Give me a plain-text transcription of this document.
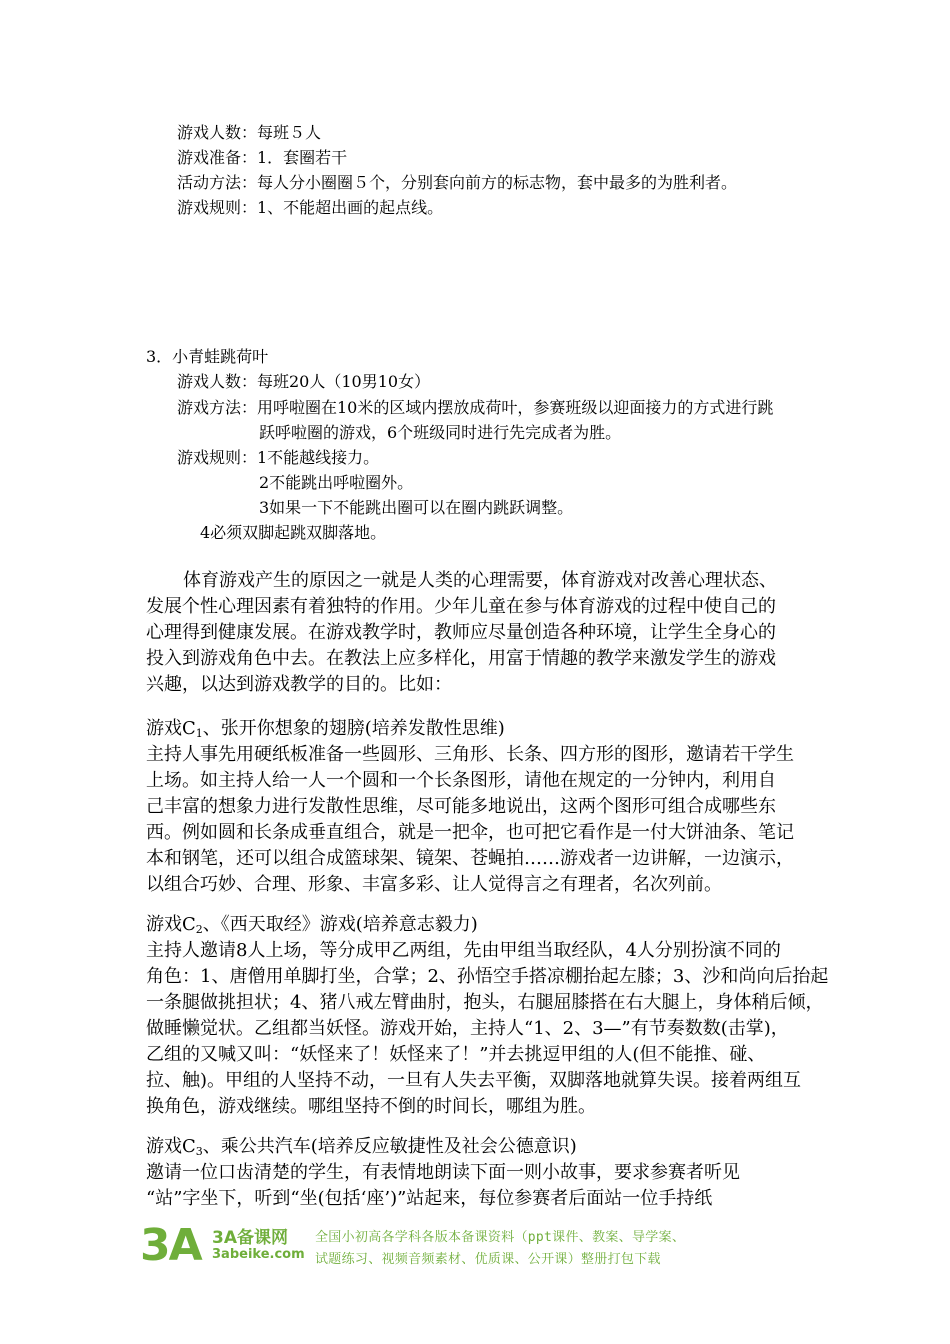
游戏人数：每班５人
游戏准备：1．套圈若干
活动方法：每人分小圈圈５个，分别套向前方的标志物，套中最多的为胜利者。
游戏规则：1、不能超出画的起点线。
3．小青蛙跳荷叶
游戏人数：每班20人（10男10女）
游戏方法：用呼啦圈在10米的区域内摆放成荷叶，参赛班级以迎面接力的方式进行跳
跃呼啦圈的游戏，6个班级同时进行先完成者为胜。
游戏规则：1不能越线接力。
2不能跳出呼啦圈外。
3如果一下不能跳出圈可以在圈内跳跃调整。
4必须双脚起跳双脚落地。
体育游戏产生的原因之一就是人类的心理需要，体育游戏对改善心理状态、
发展个性心理因素有着独特的作用。少年儿童在参与体育游戏的过程中使自己的
心理得到健康发展。在游戏教学时，教师应尽量创造各种环境，让学生全身心的
投入到游戏角色中去。在教法上应多样化，用富于情趣的教学来激发学生的游戏
兴趣，以达到游戏教学的目的。比如：
游戏$C_1$、张开你想象的翅膀(培养发散性思维)
主持人事先用硬纸板准备一些圆形、三角形、长条、四方形的图形，邀请若干学生
上场。如主持人给一人一个圆和一个长条图形，请他在规定的一分钟内，利用自
己丰富的想象力进行发散性思维，尽可能多地说出，这两个图形可组合成哪些东
西。例如圆和长条成垂直组合，就是一把伞，也可把它看作是一付大饼油条、笔记
本和钢笔，还可以组合成篮球架、镜架、苍蝇拍……游戏者一边讲解，一边演示，
以组合巧妙、合理、形象、丰富多彩、让人觉得言之有理者，名次列前。
游戏$C_2$、《西天取经》游戏(培养意志毅力)
主持人邀请8人上场，等分成甲乙两组，先由甲组当取经队，4人分别扮演不同的
角色：1、唐僧用单脚打坐，合掌；2、孙悟空手搭凉棚抬起左膝；3、沙和尚向后抬起
一条腿做挑担状；4、猪八戒左臂曲肘，抱头，右腿屈膝搭在右大腿上，身体稍后倾，
做睡懒觉状。乙组都当妖怪。游戏开始，主持人“1、2、3—”有节奏数数(击掌)，
乙组的又喊又叫：“妖怪来了！妖怪来了！”并去挑逗甲组的人(但不能推、碰、
拉、触)。甲组的人坚持不动，一旦有人失去平衡，双脚落地就算失误。接着两组互
换角色，游戏继续。哪组坚持不倒的时间长，哪组为胜。
游戏$C_3$、乘公共汽车(培养反应敏捷性及社会公德意识)
邀请一位口齿清楚的学生，有表情地朗读下面一则小故事，要求参赛者听见
“站”字坐下，听到“坐(包括‘座’)”站起来，每位参赛者后面站一位手持纸
3A 3A备课网
3abeike.com
全国小初高各学科各版本备课资料（ppt课件、教案、导学案、
试题练习、视频音频素材、优质课、公开课）整册打包下载
